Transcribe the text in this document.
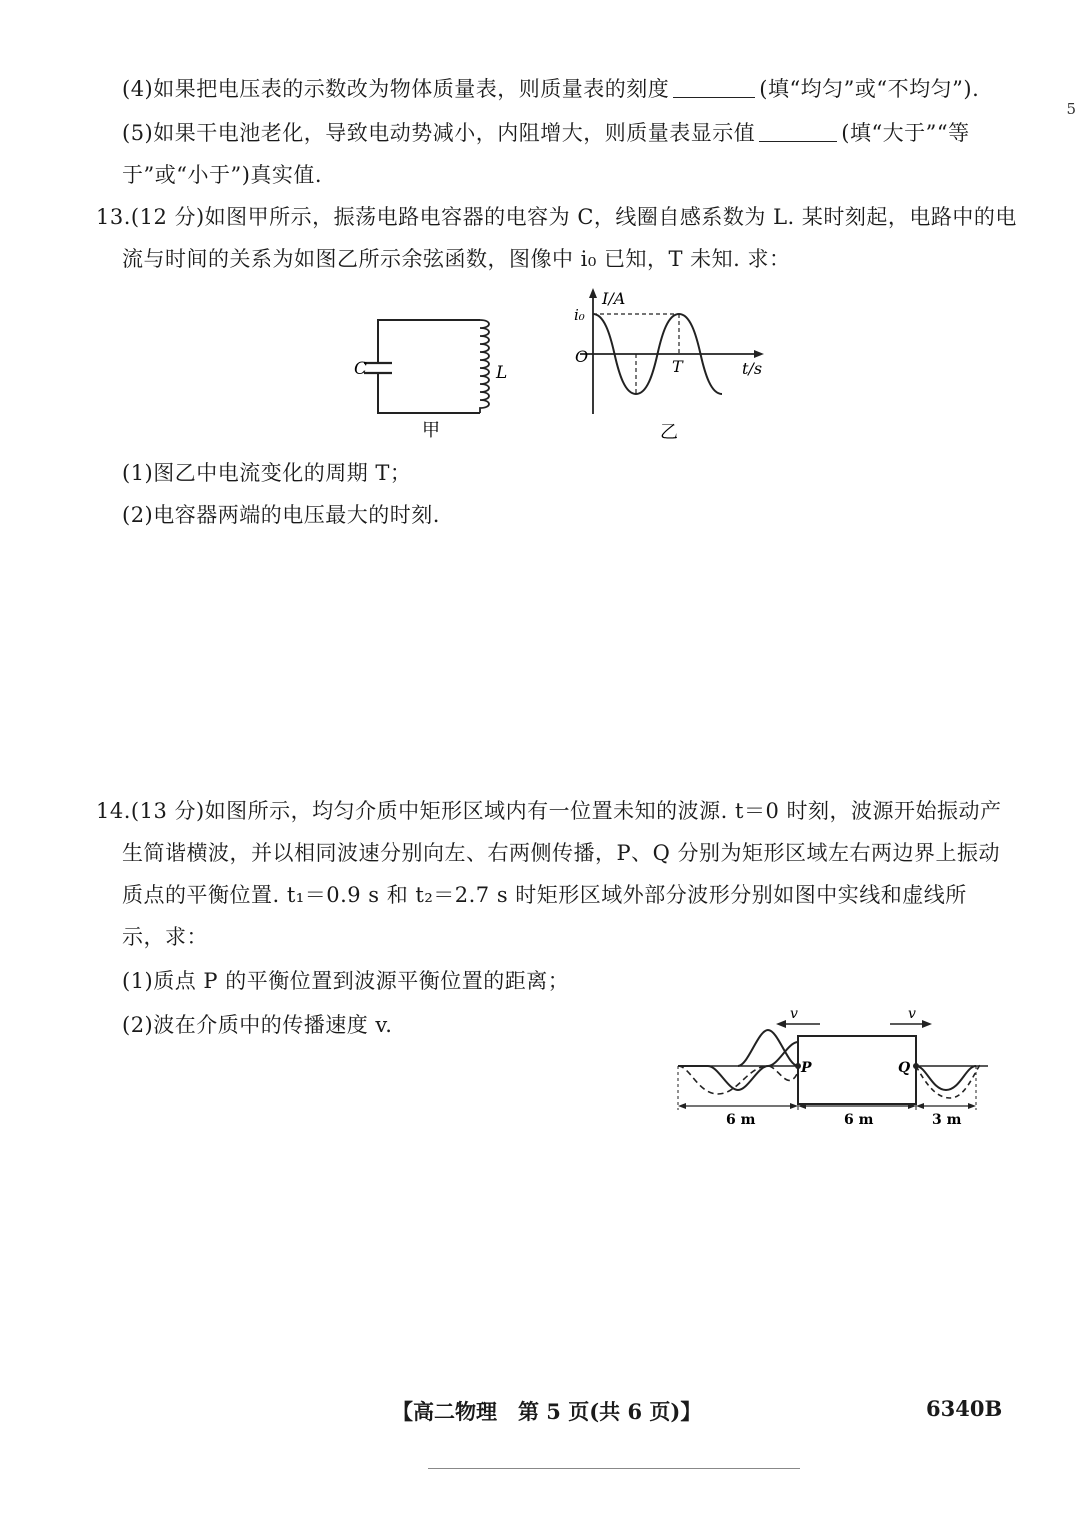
5
(4)如果把电压表的示数改为物体质量表，则质量表的刻度	(填“均匀”或“不均匀”).
(5)如果干电池老化，导致电动势减小，内阻增大，则质量表显示值	(填“大于”“等
于”或“小于”)真实值.
13.(12 分)如图甲所示，振荡电路电容器的电容为 C，线圈自感系数为 L. 某时刻起，电路中的电
流与时间的关系为如图乙所示余弦函数，图像中 i₀ 已知，T 未知. 求：
C	L
甲
I/A
i₀
O
T	t/s
乙
(1)图乙中电流变化的周期 T；
(2)电容器两端的电压最大的时刻.
14.(13 分)如图所示，均匀介质中矩形区域内有一位置未知的波源. t＝0 时刻，波源开始振动产
生简谐横波，并以相同波速分别向左、右两侧传播，P、Q 分别为矩形区域左右两边界上振动
质点的平衡位置. t₁＝0.9 s 和 t₂＝2.7 s 时矩形区域外部分波形分别如图中实线和虚线所
示，求：
(1)质点 P 的平衡位置到波源平衡位置的距离；
(2)波在介质中的传播速度 v.	v	v
P	Q
6 m	6 m	3 m
【高二物理　第 5 页(共 6 页)】	6340B
